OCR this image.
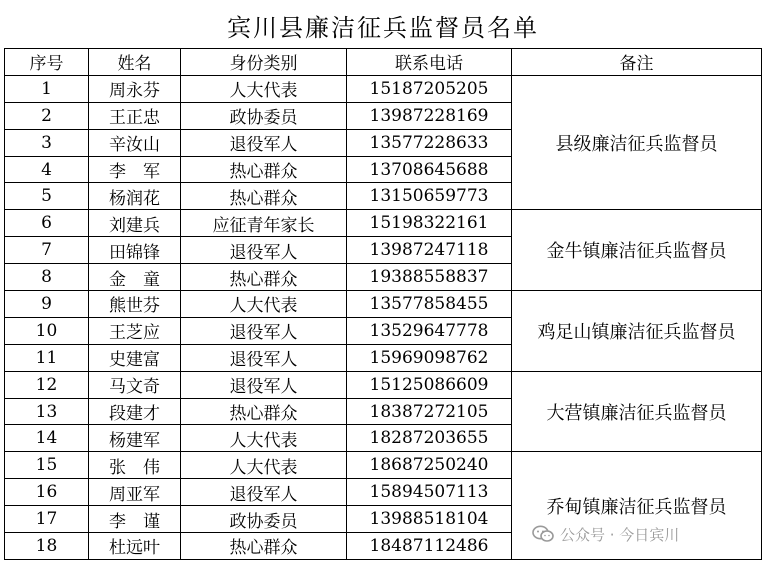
宾川县廉洁征兵监督员名单
序号	姓名	身份类别	联系电话	备注
1	周永芬	人大代表	15187205205	县级廉洁征兵监督员
2	王正忠	政协委员	13987228169	
3	辛汝山	退役军人	13577228633	
4	李　军	热心群众	13708645688	
5	杨润花	热心群众	13150659773	
6	刘建兵	应征青年家长	15198322161	金牛镇廉洁征兵监督员
7	田锦锋	退役军人	13987247118	
8	金　童	热心群众	19388558837	
9	熊世芬	人大代表	13577858455	鸡足山镇廉洁征兵监督员
10	王芝应	退役军人	13529647778	
11	史建富	退役军人	15969098762	
12	马文奇	退役军人	15125086609	大营镇廉洁征兵监督员
13	段建才	热心群众	18387272105	
14	杨建军	人大代表	18287203655	
15	张　伟	人大代表	18687250240	乔甸镇廉洁征兵监督员
16	周亚军	退役军人	15894507113	
17	李　谨	政协委员	13988518104	
18	杜远叶	热心群众	18487112486	
公众号 · 今日宾川
